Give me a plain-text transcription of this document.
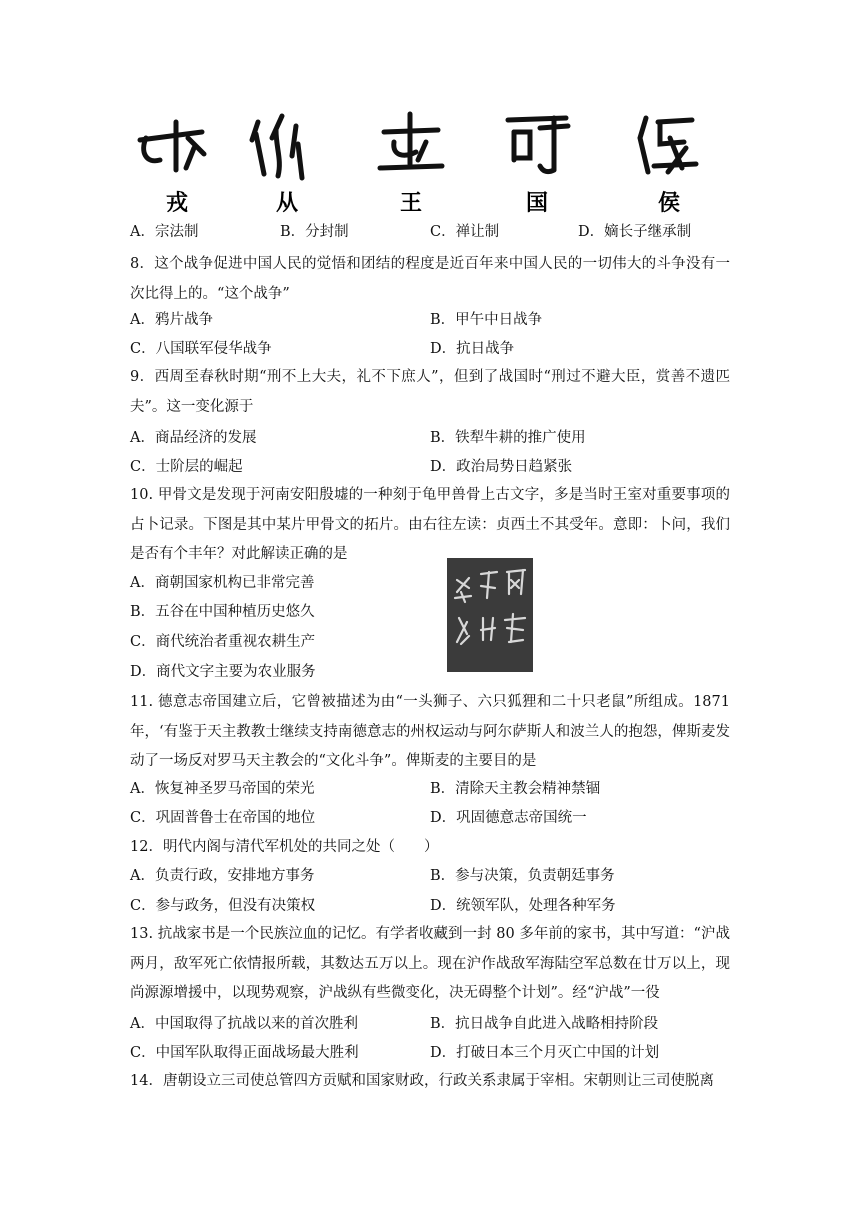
戎	从	王	国	侯
A．宗法制	B．分封制	C．禅让制	D．嫡长子继承制
8．这个战争促进中国人民的觉悟和团结的程度是近百年来中国人民的一切伟大的斗争没有一次比得上的。“这个战争”
A．鸦片战争	B．甲午中日战争
C．八国联军侵华战争	D．抗日战争
9．西周至春秋时期“刑不上大夫，礼不下庶人”，但到了战国时“刑过不避大臣，赏善不遗匹夫”。这一变化源于
A．商品经济的发展	B．铁犁牛耕的推广使用
C．士阶层的崛起	D．政治局势日趋紧张
10. 甲骨文是发现于河南安阳殷墟的一种刻于龟甲兽骨上古文字，多是当时王室对重要事项的占卜记录。下图是其中某片甲骨文的拓片。由右往左读：贞西土不其受年。意即：卜问，我们是否有个丰年？对此解读正确的是
A．商朝国家机构已非常完善
B．五谷在中国种植历史悠久
C．商代统治者重视农耕生产
D．商代文字主要为农业服务
11. 德意志帝国建立后，它曾被描述为由“一头狮子、六只狐狸和二十只老鼠”所组成。1871年，‘有鉴于天主教教士继续支持南德意志的州权运动与阿尔萨斯人和波兰人的抱怨，俾斯麦发动了一场反对罗马天主教会的“文化斗争”。俾斯麦的主要目的是
A．恢复神圣罗马帝国的荣光	B．清除天主教会精神禁锢
C．巩固普鲁士在帝国的地位	D．巩固德意志帝国统一
12．明代内阁与清代军机处的共同之处（　　）
A．负责行政，安排地方事务	B．参与决策，负责朝廷事务
C．参与政务，但没有决策权	D．统领军队，处理各种军务
13. 抗战家书是一个民族泣血的记忆。有学者收藏到一封 80 多年前的家书，其中写道：“沪战两月，敌军死亡依情报所载，其数达五万以上。现在沪作战敌军海陆空军总数在廿万以上，现尚源源增援中，以现势观察，沪战纵有些微变化，决无碍整个计划”。经“沪战”一役
A．中国取得了抗战以来的首次胜利	B．抗日战争自此进入战略相持阶段
14．唐朝设立三司使总管四方贡赋和国家财政，行政关系隶属于宰相。宋朝则让三司使脱离
C．中国军队取得正面战场最大胜利	D．打破日本三个月灭亡中国的计划
